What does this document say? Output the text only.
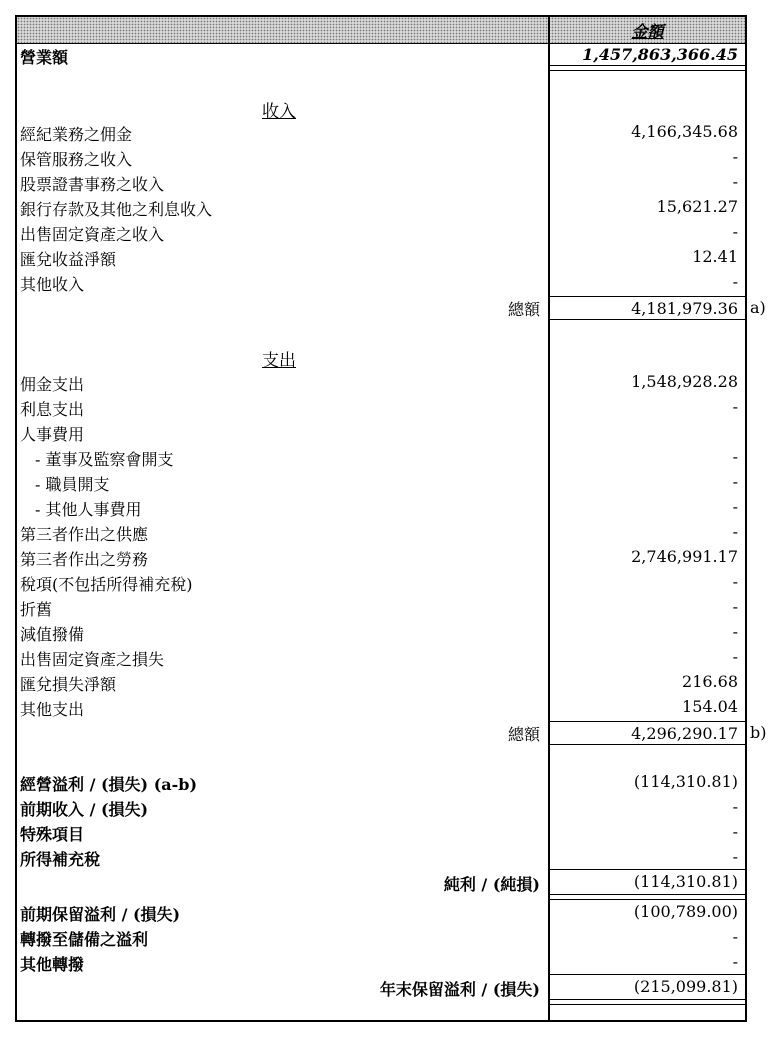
金額
營業額	1,457,863,366.45
收入
經紀業務之佣金	4,166,345.68
保管服務之收入	-
股票證書事務之收入	-
銀行存款及其他之利息收入	15,621.27
出售固定資產之收入	-
匯兌收益淨額	12.41
其他收入	-
總額	4,181,979.36 a)
支出
佣金支出	1,548,928.28
利息支出	-
人事費用
- 董事及監察會開支	-
- 職員開支	-
- 其他人事費用	-
第三者作出之供應	-
第三者作出之勞務	2,746,991.17
稅項(不包括所得補充稅)	-
折舊	-
減值撥備	-
出售固定資產之損失	-
匯兌損失淨額	216.68
其他支出	154.04
總額	4,296,290.17 b)
經營溢利 / (損失) (a-b)	(114,310.81)
前期收入 / (損失)	-
特殊項目	-
所得補充稅	-
純利 / (純損)	(114,310.81)
前期保留溢利 / (損失)	(100,789.00)
轉撥至儲備之溢利	-
其他轉撥	-
年末保留溢利 / (損失)	(215,099.81)
